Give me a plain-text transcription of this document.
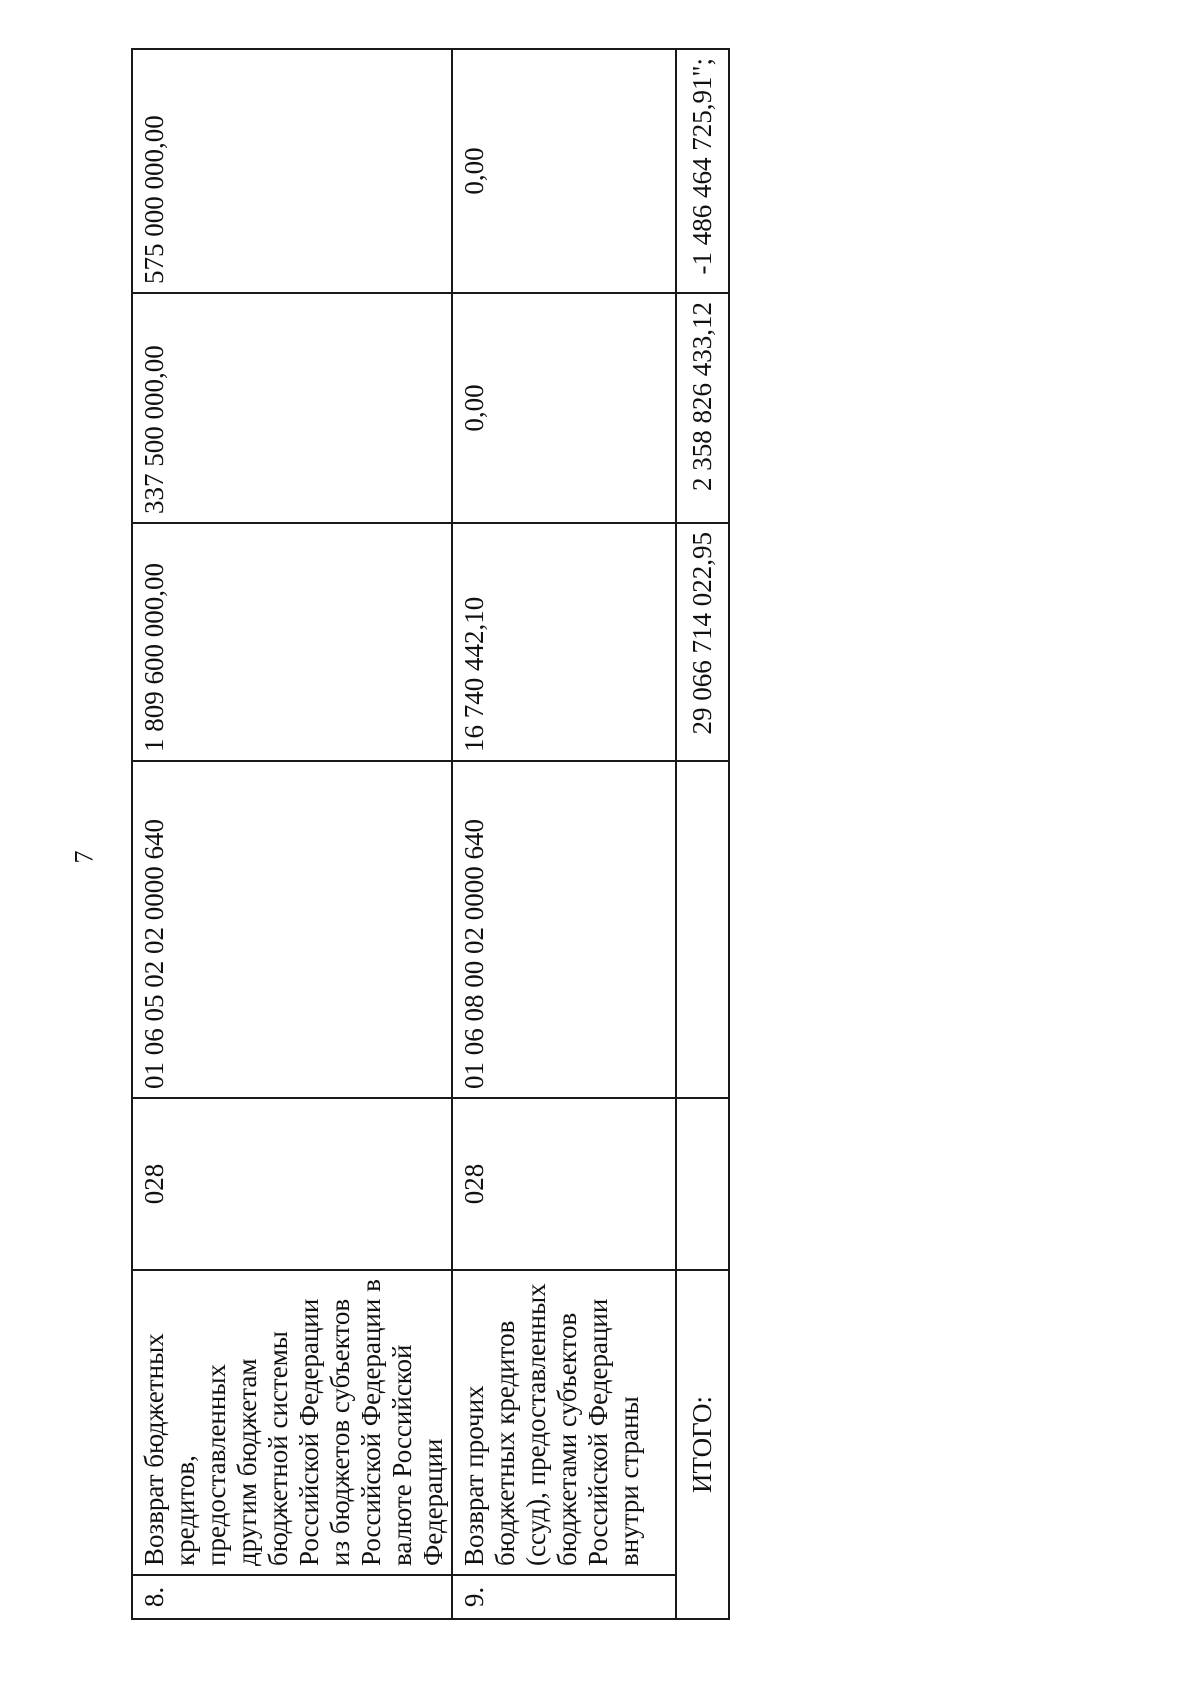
7
8.	Возврат бюджетных кредитов, предоставленных другим бюджетам бюджетной системы Российской Федерации из бюджетов субъектов Российской Федерации в валюте Российской Федерации	028	01 06 05 02 02 0000 640	1 809 600 000,00	337 500 000,00	575 000 000,00
9.	Возврат прочих бюджетных кредитов (ссуд), предоставленных бюджетами субъектов Российской Федерации внутри страны	028	01 06 08 00 02 0000 640	16 740 442,10	0,00	0,00
ИТОГО:				29 066 714 022,95	2 358 826 433,12	-1 486 464 725,91";
